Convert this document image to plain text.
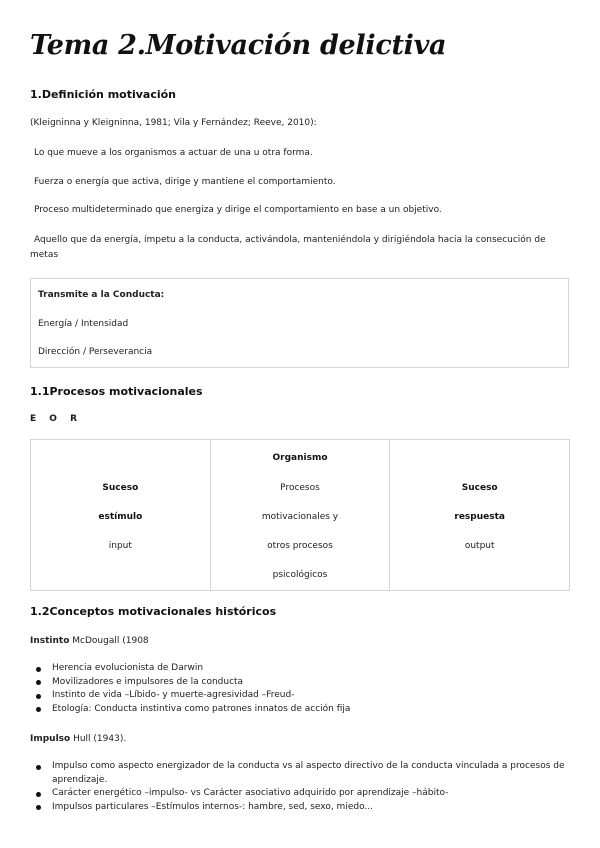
Tema 2.Motivación delictiva
1.Definición motivación
(Kleigninna y Kleigninna, 1981; Vila y Fernández; Reeve, 2010):
Lo que mueve a los organismos a actuar de una u otra forma.
Fuerza o energía que activa, dirige y mantiene el comportamiento.
Proceso multideterminado que energiza y dirige el comportamiento en base a un objetivo.
Aquello que da energía, ímpetu a la conducta, activándola, manteniéndola y dirigiéndola hacia la consecución de metas
Transmite a la Conducta:
Energía / Intensidad
Dirección / Perseverancia
1.1Procesos motivacionales
E O R
Suceso
estímulo
input
Organismo
Procesos
motivacionales y
otros procesos
psicológicos
Suceso
respuesta
output
1.2Conceptos motivacionales históricos
Instinto McDougall (1908
Herencia evolucionista de Darwin
Movilizadores e impulsores de la conducta
Instinto de vida –Líbido- y muerte-agresividad –Freud-
Etología: Conducta instintiva como patrones innatos de acción fija
Impulso Hull (1943).
Impulso como aspecto energizador de la conducta vs al aspecto directivo de la conducta vinculada a procesos de aprendizaje.
Carácter energético –impulso- vs Carácter asociativo adquirido por aprendizaje –hábito-
Impulsos particulares –Estímulos internos-: hambre, sed, sexo, miedo...
